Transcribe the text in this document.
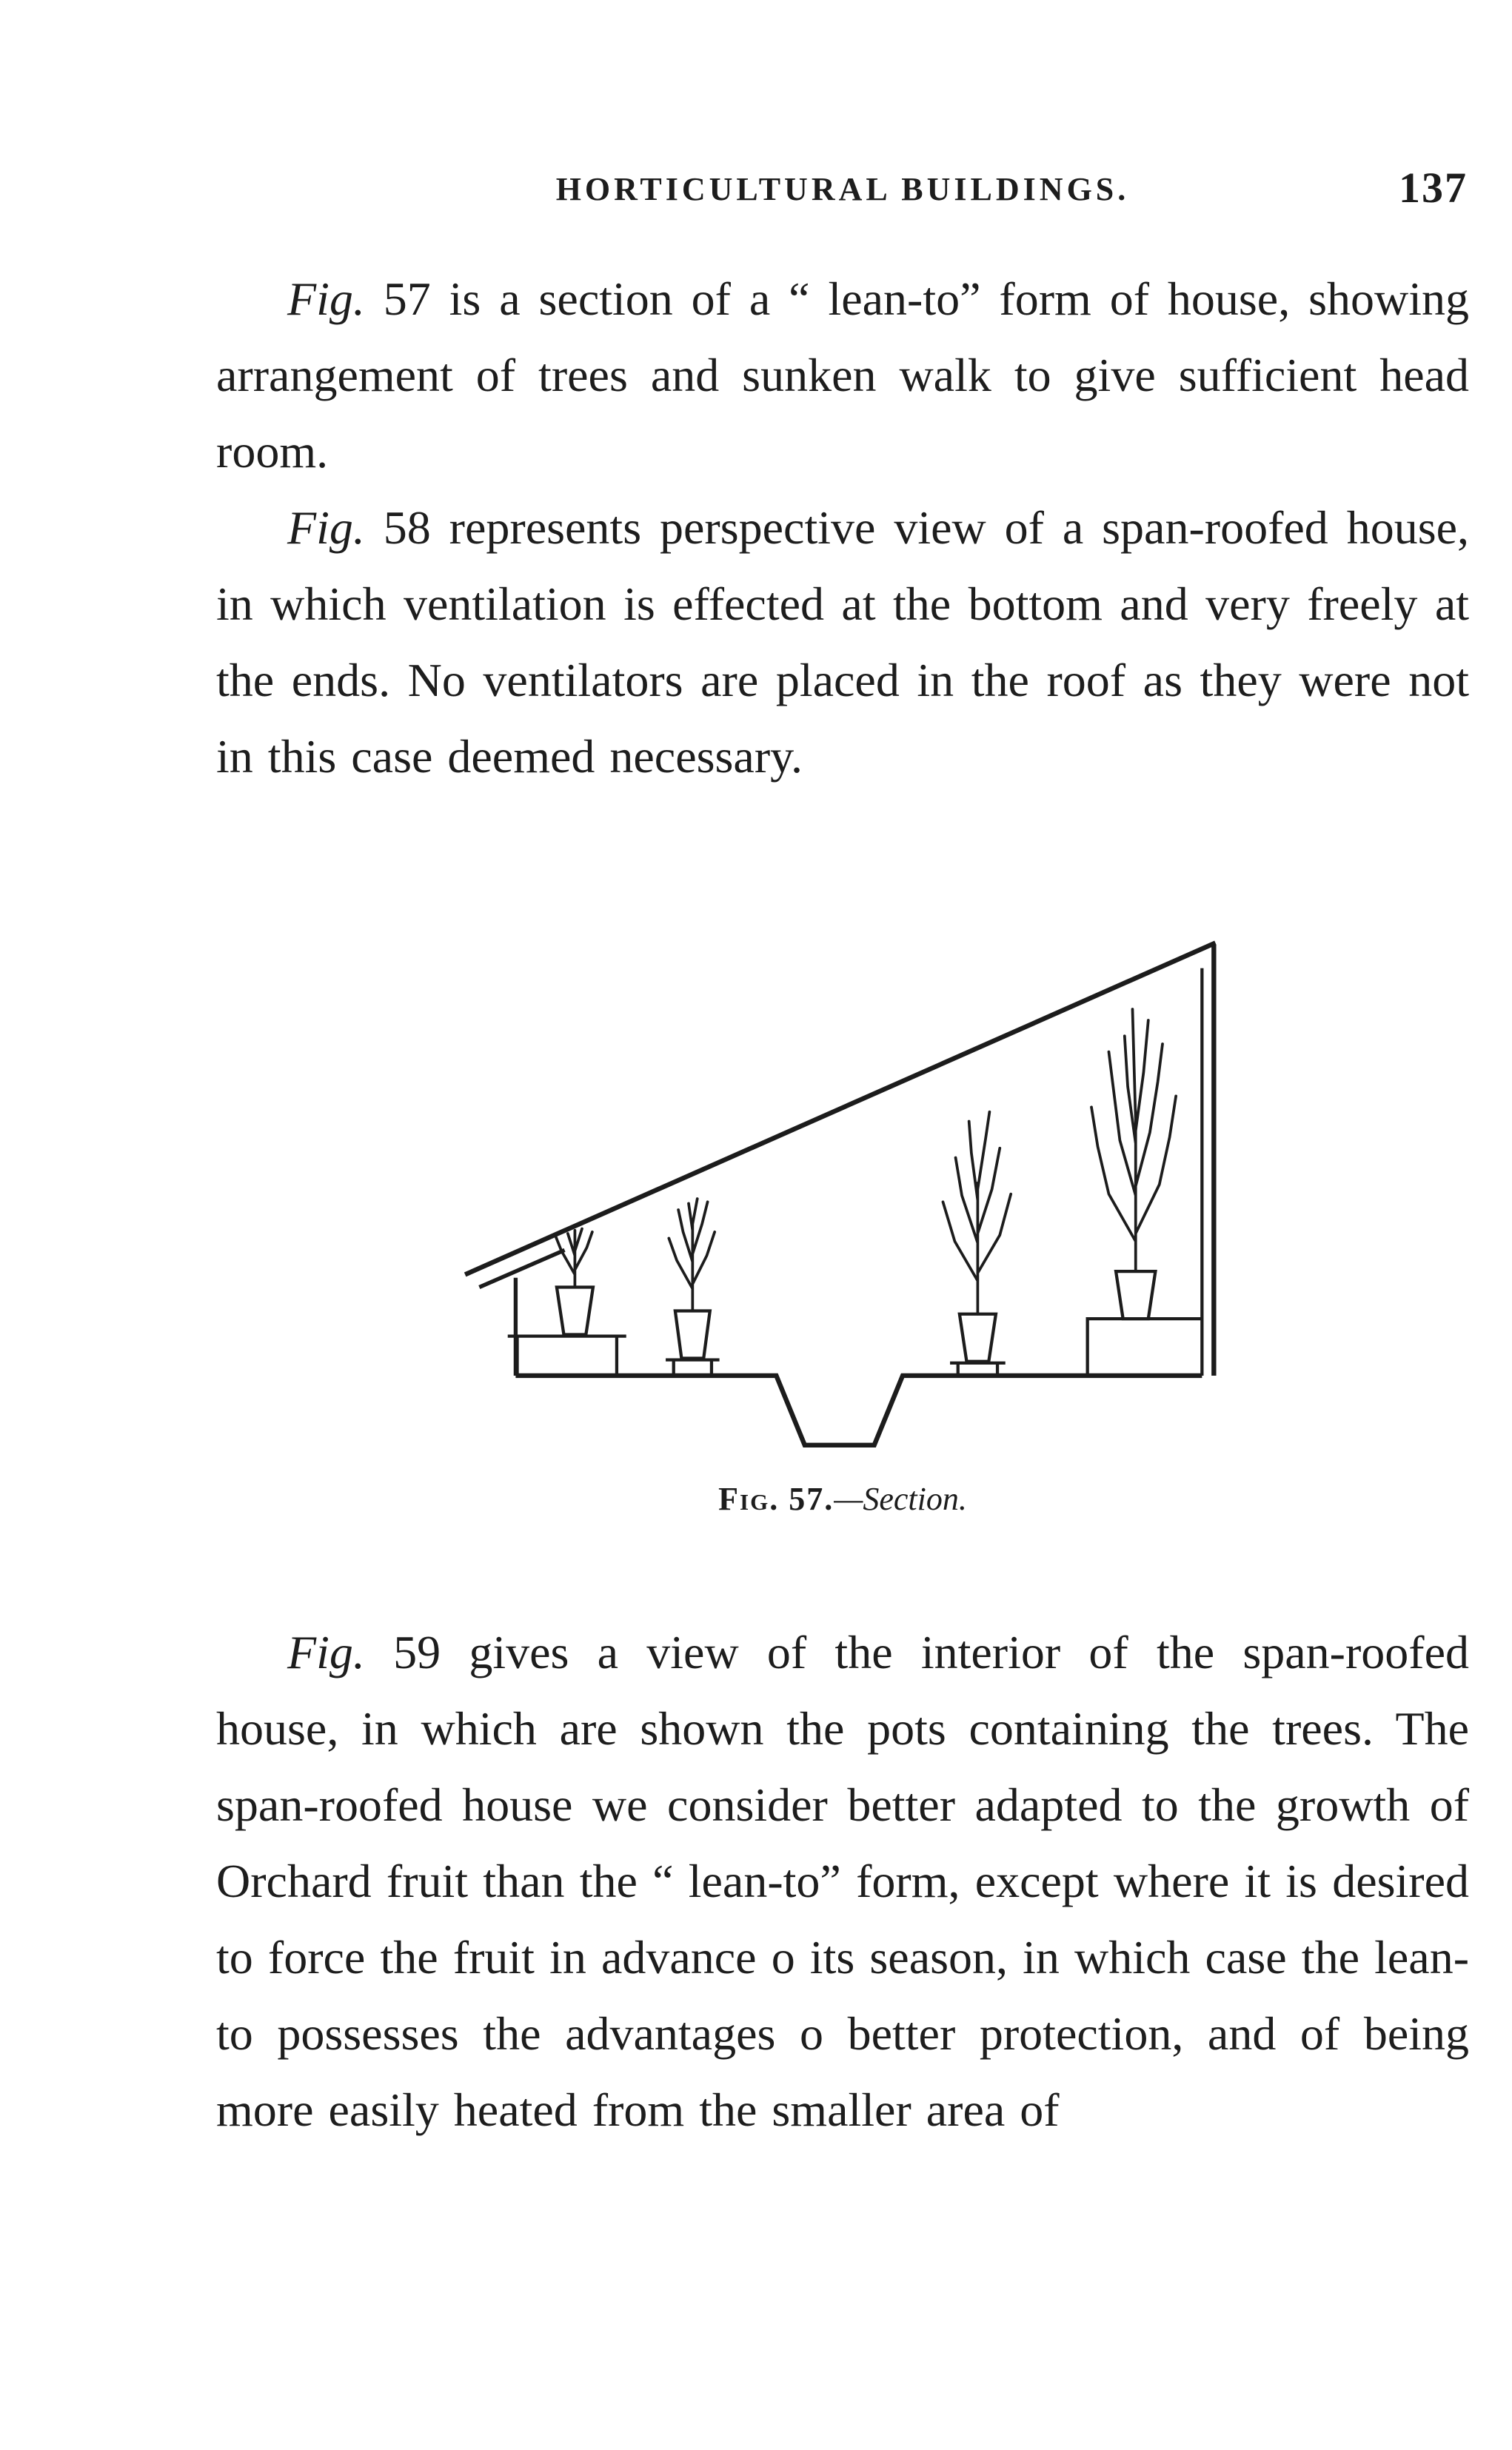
HORTICULTURAL BUILDINGS.	137

Fig. 57 is a section of a “ lean-to” form of house, showing arrangement of trees and sunken walk to give sufficient head room.

Fig. 58 represents perspective view of a span-roofed house, in which ventilation is effected at the bottom and very freely at the ends. No ventilators are placed in the roof as they were not in this case deemed necessary.

Fig. 57.—Section.

Fig. 59 gives a view of the interior of the span-roofed house, in which are shown the pots containing the trees. The span-roofed house we consider better adapted to the growth of Orchard fruit than the “ lean-to” form, except where it is desired to force the fruit in advance o its season, in which case the lean-to possesses the advantages o better protection, and of being more easily heated from the smaller area of
